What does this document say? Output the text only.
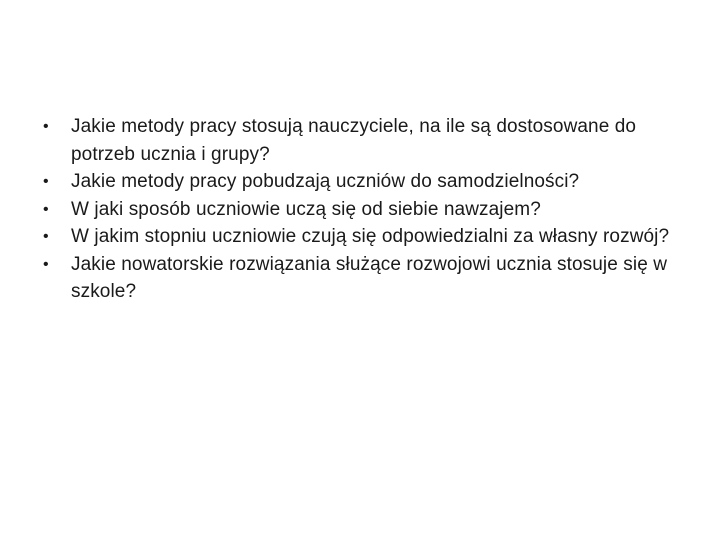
•	Jakie metody pracy stosują nauczyciele, na ile są dostosowane do potrzeb ucznia i grupy?
•	Jakie metody pracy pobudzają uczniów do samodzielności?
•	W jaki sposób uczniowie uczą się od siebie nawzajem?
•	W jakim stopniu uczniowie czują się odpowiedzialni za własny rozwój?
•	Jakie nowatorskie rozwiązania służące rozwojowi ucznia stosuje się w szkole?
